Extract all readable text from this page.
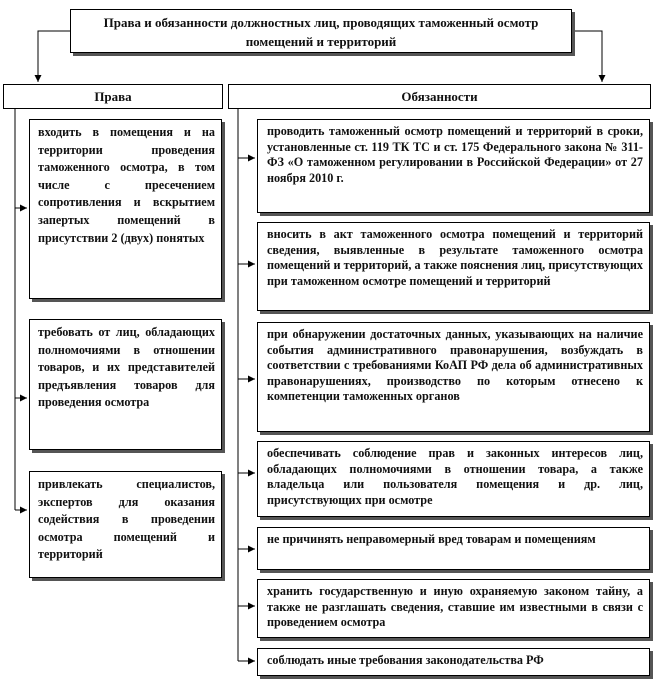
Права и обязанности должностных лиц, проводящих таможенный осмотр помещений и территорий
Права	Обязанности
входить в помещения и на территории проведения таможенного осмотра, в том числе с пресечением сопротивления и вскрытием запертых помещений в присутствии 2 (двух) понятых
требовать от лиц, обладающих полномочиями в отношении товаров, и их представителей предъявления товаров для проведения осмотра
привлекать специалистов, экспертов для оказания содействия в проведении осмотра помещений и территорий
проводить таможенный осмотр помещений и территорий в сроки, установленные ст. 119 ТК ТС и ст. 175 Федерального закона № 311-ФЗ «О таможенном регулировании в Российской Федерации» от 27 ноября 2010 г.
вносить в акт таможенного осмотра помещений и территорий сведения, выявленные в результате таможенного осмотра помещений и территорий, а также пояснения лиц, присутствующих при таможенном осмотре помещений и территорий
при обнаружении достаточных данных, указывающих на наличие события административного правонарушения, возбуждать в соответствии с требованиями КоАП РФ дела об административных правонарушениях, производство по которым отнесено к компетенции таможенных органов
обеспечивать соблюдение прав и законных интересов лиц, обладающих полномочиями в отношении товара, а также владельца или пользователя помещения и др. лиц, присутствующих при осмотре
не причинять неправомерный вред товарам и помещениям
хранить государственную и иную охраняемую законом тайну, а также не разглашать сведения, ставшие им известными в связи с проведением осмотра
соблюдать иные требования законодательства РФ
